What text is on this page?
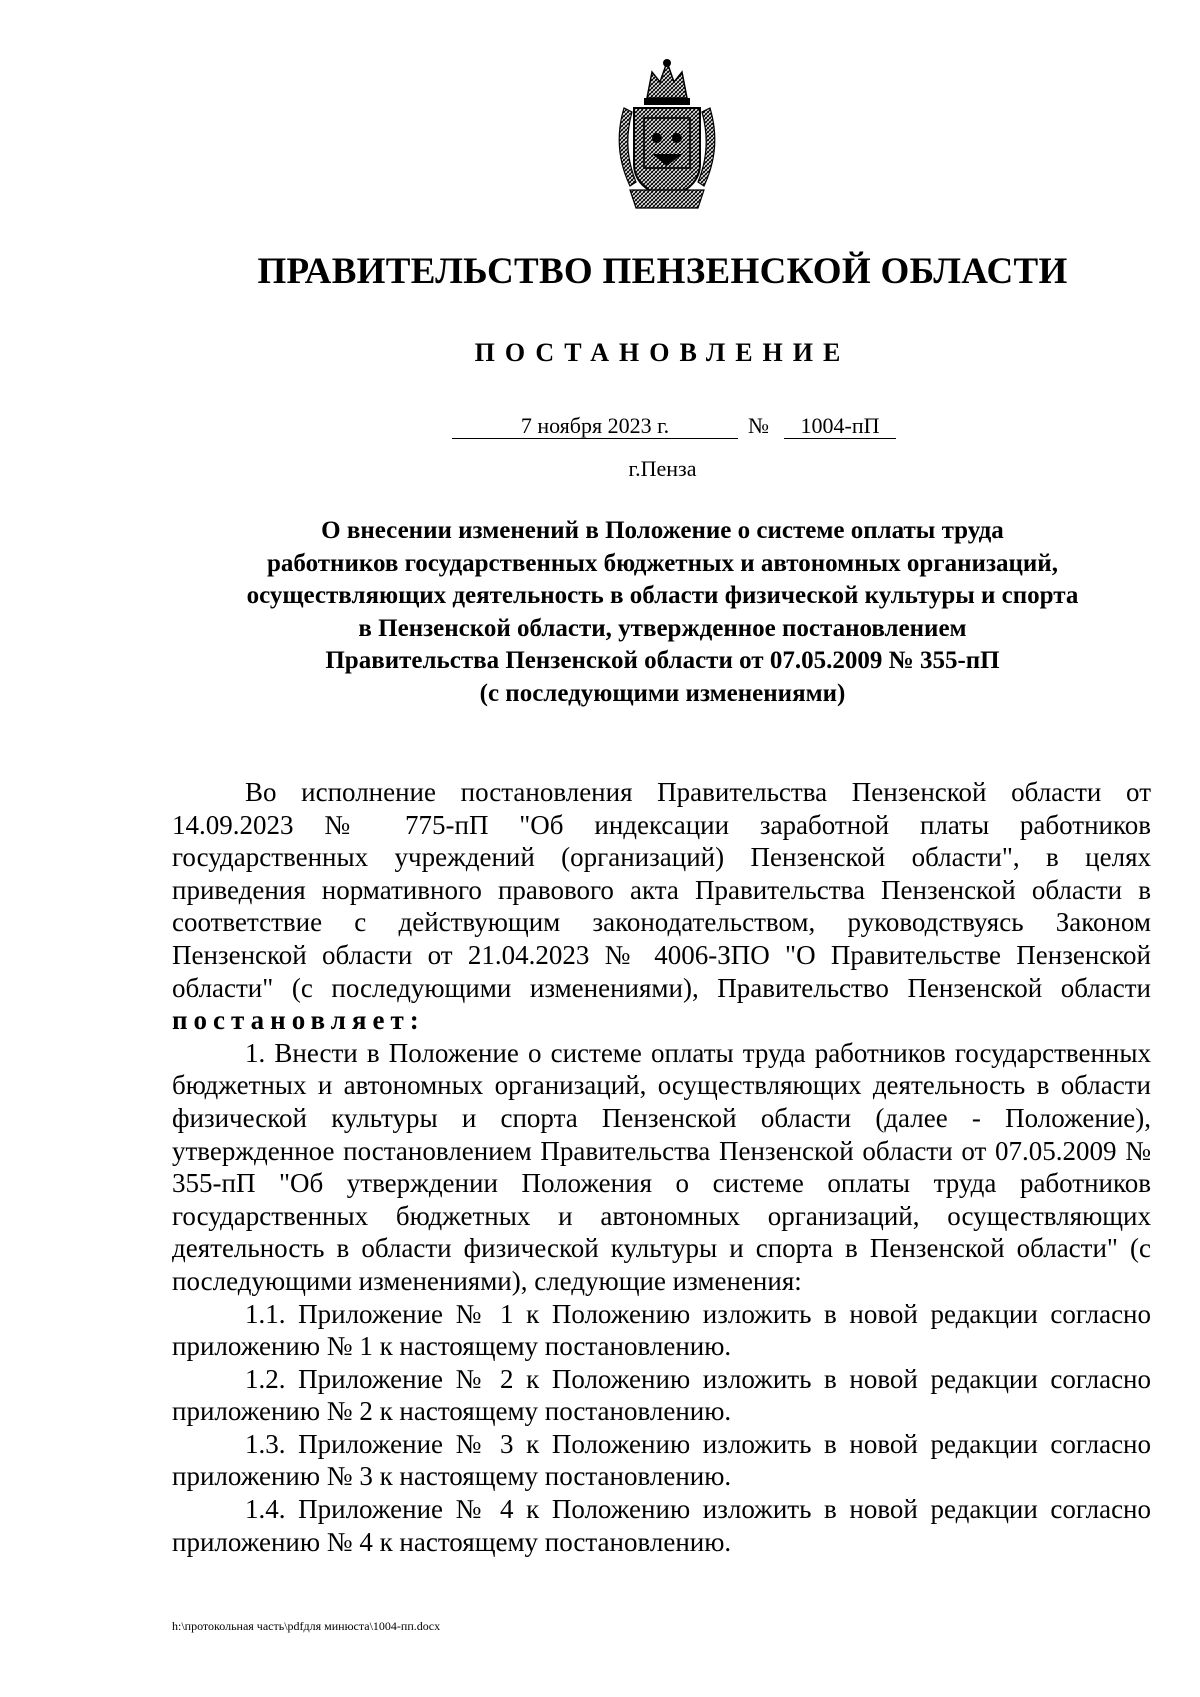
ПРАВИТЕЛЬСТВО ПЕНЗЕНСКОЙ ОБЛАСТИ
ПОСТАНОВЛЕНИЕ
7 ноября 2023 г.	№	1004-пП
г.Пенза
О внесении изменений в Положение о системе оплаты труда
работников государственных бюджетных и автономных организаций,
осуществляющих деятельность в области физической культуры и спорта
в Пензенской области, утвержденное постановлением
Правительства Пензенской области от 07.05.2009 № 355-пП
(с последующими изменениями)

Во исполнение постановления Правительства Пензенской области от 14.09.2023 № 775-пП "Об индексации заработной платы работников государственных учреждений (организаций) Пензенской области", в целях приведения нормативного правового акта Правительства Пензенской области в соответствие с действующим законодательством, руководствуясь Законом Пензенской области от 21.04.2023 № 4006-ЗПО "О Правительстве Пензенской области" (с последующими изменениями), Правительство Пензенской области постановляет:

1. Внести в Положение о системе оплаты труда работников государственных бюджетных и автономных организаций, осуществляющих деятельность в области физической культуры и спорта Пензенской области (далее - Положение), утвержденное постановлением Правительства Пензенской области от 07.05.2009 № 355-пП "Об утверждении Положения о системе оплаты труда работников государственных бюджетных и автономных организаций, осуществляющих деятельность в области физической культуры и спорта в Пензенской области" (с последующими изменениями), следующие изменения:

1.1. Приложение № 1 к Положению изложить в новой редакции согласно приложению № 1 к настоящему постановлению.

1.2. Приложение № 2 к Положению изложить в новой редакции согласно приложению № 2 к настоящему постановлению.

1.3. Приложение № 3 к Положению изложить в новой редакции согласно приложению № 3 к настоящему постановлению.

1.4. Приложение № 4 к Положению изложить в новой редакции согласно приложению № 4 к настоящему постановлению.

h:\протокольная часть\pdfдля минюста\1004-пп.docx
